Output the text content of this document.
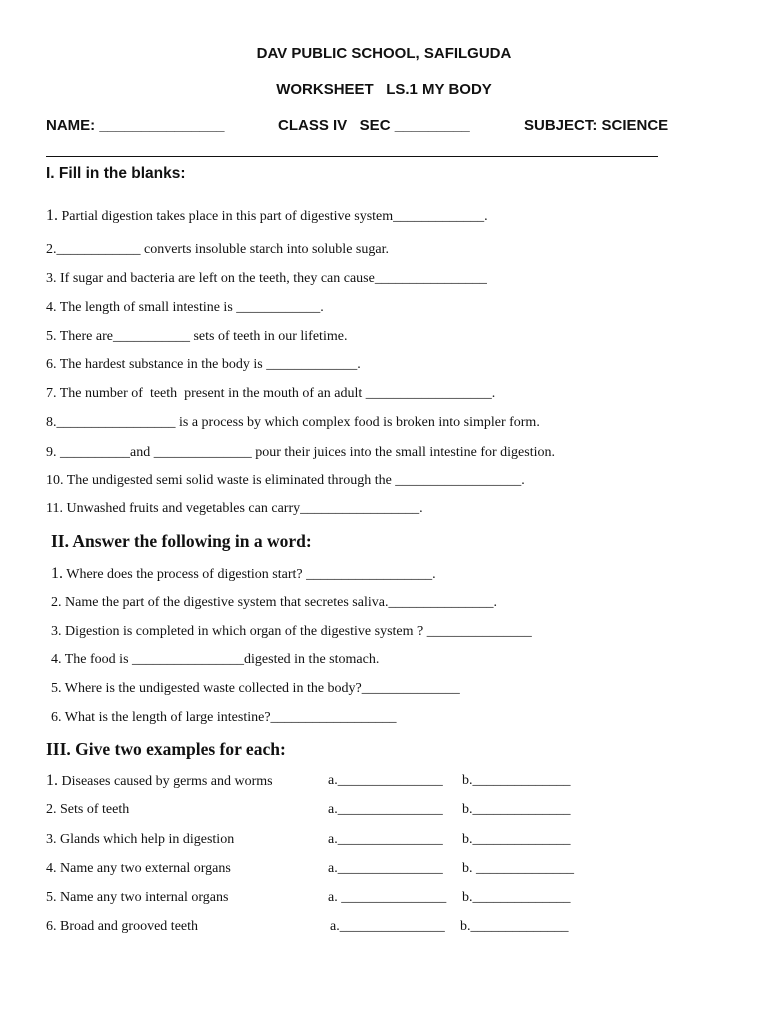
DAV PUBLIC SCHOOL, SAFILGUDA
WORKSHEET   LS.1 MY BODY
NAME: _______________	CLASS IV   SEC _________	SUBJECT: SCIENCE
I. Fill in the blanks:
1. Partial digestion takes place in this part of digestive system_____________.
2.____________ converts insoluble starch into soluble sugar.
3. If sugar and bacteria are left on the teeth, they can cause________________
4. The length of small intestine is ____________.
5. There are___________ sets of teeth in our lifetime.
6. The hardest substance in the body is _____________.
7. The number of  teeth  present in the mouth of an adult __________________.
8._________________ is a process by which complex food is broken into simpler form.
9. __________and ______________ pour their juices into the small intestine for digestion.
10. The undigested semi solid waste is eliminated through the __________________.
11. Unwashed fruits and vegetables can carry_________________.
II. Answer the following in a word:
1. Where does the process of digestion start? __________________.
2. Name the part of the digestive system that secretes saliva._______________.
3. Digestion is completed in which organ of the digestive system ? _______________
4. The food is ________________digested in the stomach.
5. Where is the undigested waste collected in the body?______________
6. What is the length of large intestine?__________________
III. Give two examples for each:
1. Diseases caused by germs and worms	a._______________ b.______________
2. Sets of teeth	a._______________ b.______________
3. Glands which help in digestion	a._______________ b.______________
4. Name any two external organs	a._______________ b. ______________
5. Name any two internal organs	a. _______________ b.______________
6. Broad and grooved teeth	a._______________ b.______________
